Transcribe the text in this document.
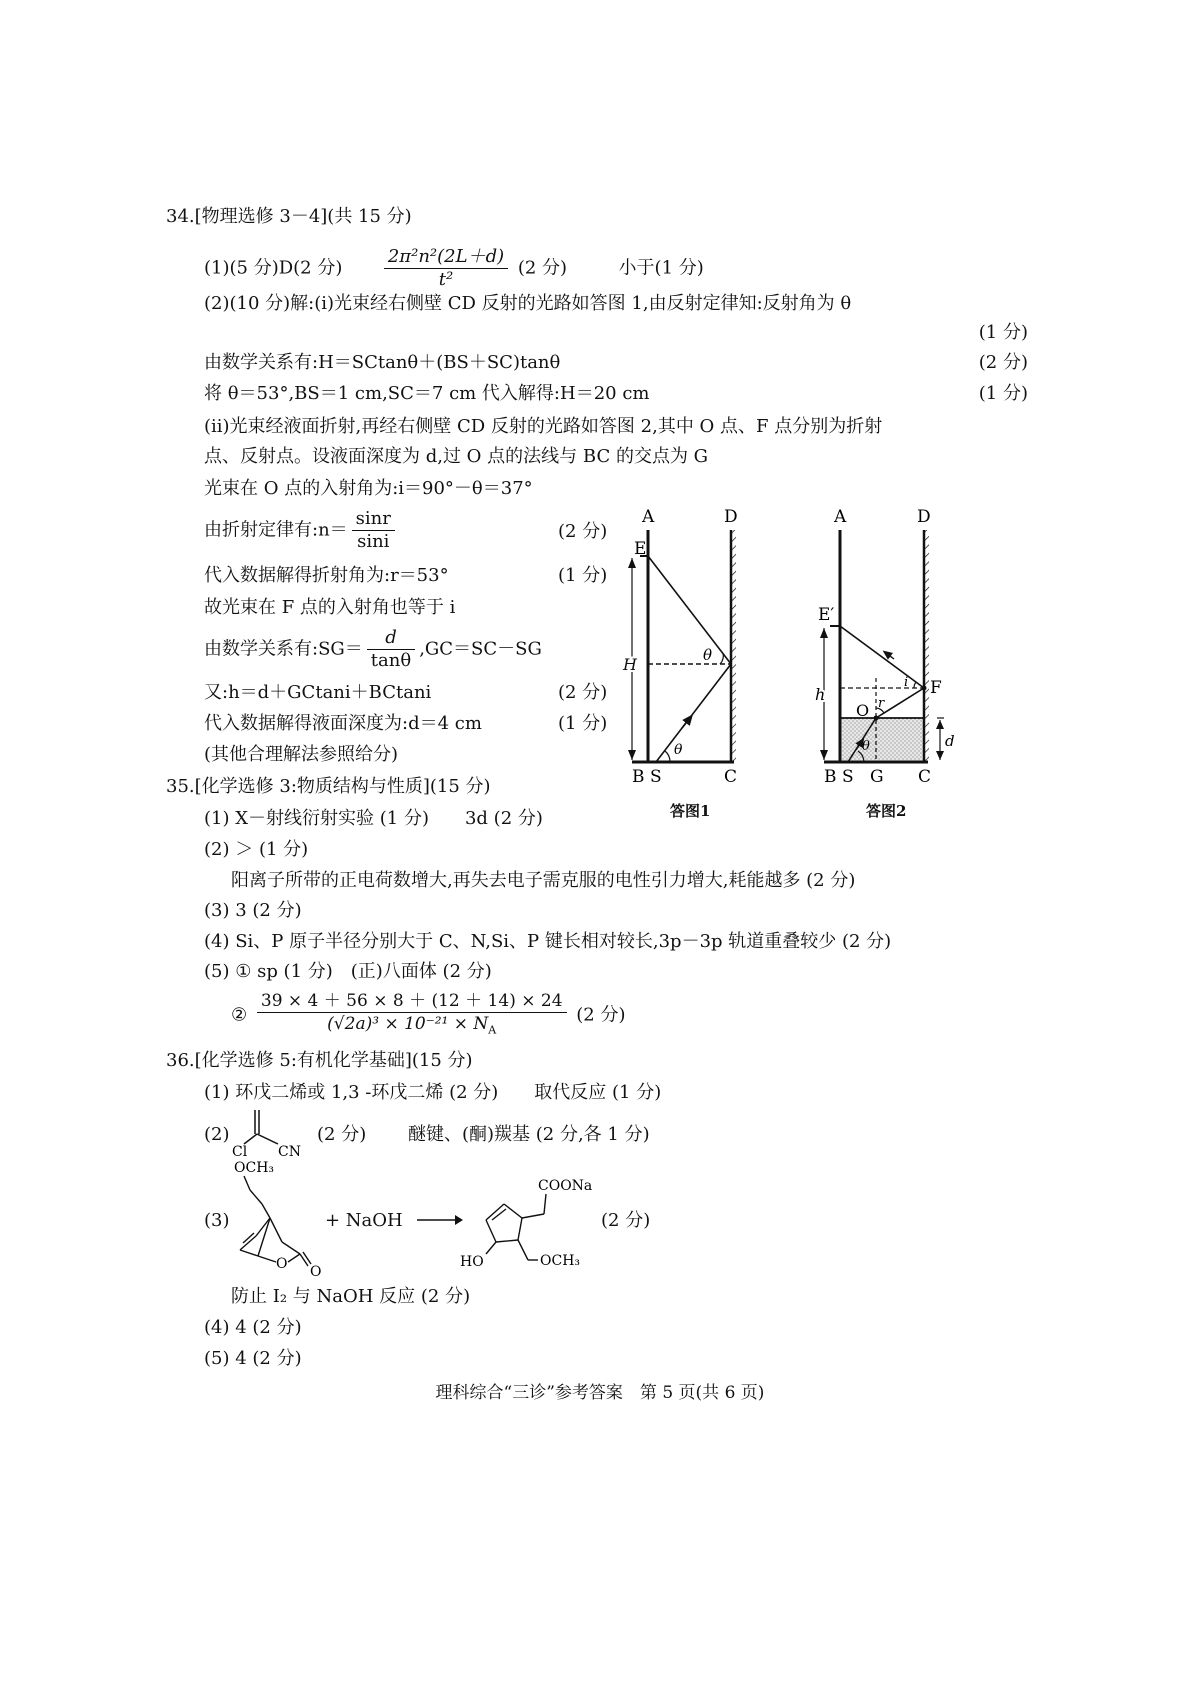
34.[物理选修 3－4](共 15 分)
(1)(5 分)D(2 分) $\frac{\text{2π²n²(2L＋d)}}{\text{t²}} (2$ 分)	小于(1 分)
(2)(10 分)解:(i)光束经右侧壁 CD 反射的光路如答图 1,由反射定律知:反射角为 θ
(1 分)
由数学关系有:H＝SCtanθ＋(BS＋SC)tanθ	(2 分)
将 θ＝53°,BS＝1 cm,SC＝7 cm 代入解得:H＝20 cm	(1 分)
(ii)光束经液面折射,再经右侧壁 CD 反射的光路如答图 2,其中 O 点、F 点分别为折射
点、反射点。设液面深度为 d,过 O 点的法线与 BC 的交点为 G
光束在 O 点的入射角为:i＝90°－θ＝37°
由折射定律有:n＝ $\frac{\sin r}{\sin i}$	(2 分)
代入数据解得折射角为:r＝53°	(1 分)
故光束在 F 点的入射角也等于 i
由数学关系有:SG＝ $\frac{d}{\tan\theta} ,GC=SC-SG$
又:h＝d＋GCtani＋BCtani	(2 分)
代入数据解得液面深度为:d＝4 cm	(1 分)
(其他合理解法参照给分)
A	D
E
H	θ
θ
B S	C
答图1
A	D
E′
h	F
O r
i
θ	d
B S G C
答图2
35.[化学选修 3:物质结构与性质](15 分)
(1) X－射线衍射实验 (1 分)　　3d (2 分)
(2) ＞ (1 分)
阳离子所带的正电荷数增大,再失去电子需克服的电性引力增大,耗能越多 (2 分)
(3) 3 (2 分)
(4) Si、P 原子半径分别大于 C、N,Si、P 键长相对较长,3p－3p 轨道重叠较少 (2 分)
(5) ① sp (1 分)　(正)八面体 (2 分)
② $\frac{39 \times 4 + 56 \times 8 + (12 + 14) \times 24}{(√2a)^3 \times 10^{-21} \times N_A} (2$ 分)
36.[化学选修 5:有机化学基础](15 分)
(1) 环戊二烯或 1,3 -环戊二烯 (2 分)　　取代反应 (1 分)
(2)
Cl CN
(2 分) 醚键、(酮)羰基 (2 分,各 1 分)
(3)
OCH₃
O O
+ NaOH →
COONa
HO	OCH₃
(2 分)
防止 I₂ 与 NaOH 反应 (2 分)
(4) 4 (2 分)
(5) 4 (2 分)
理科综合“三诊”参考答案　第 5 页(共 6 页)
